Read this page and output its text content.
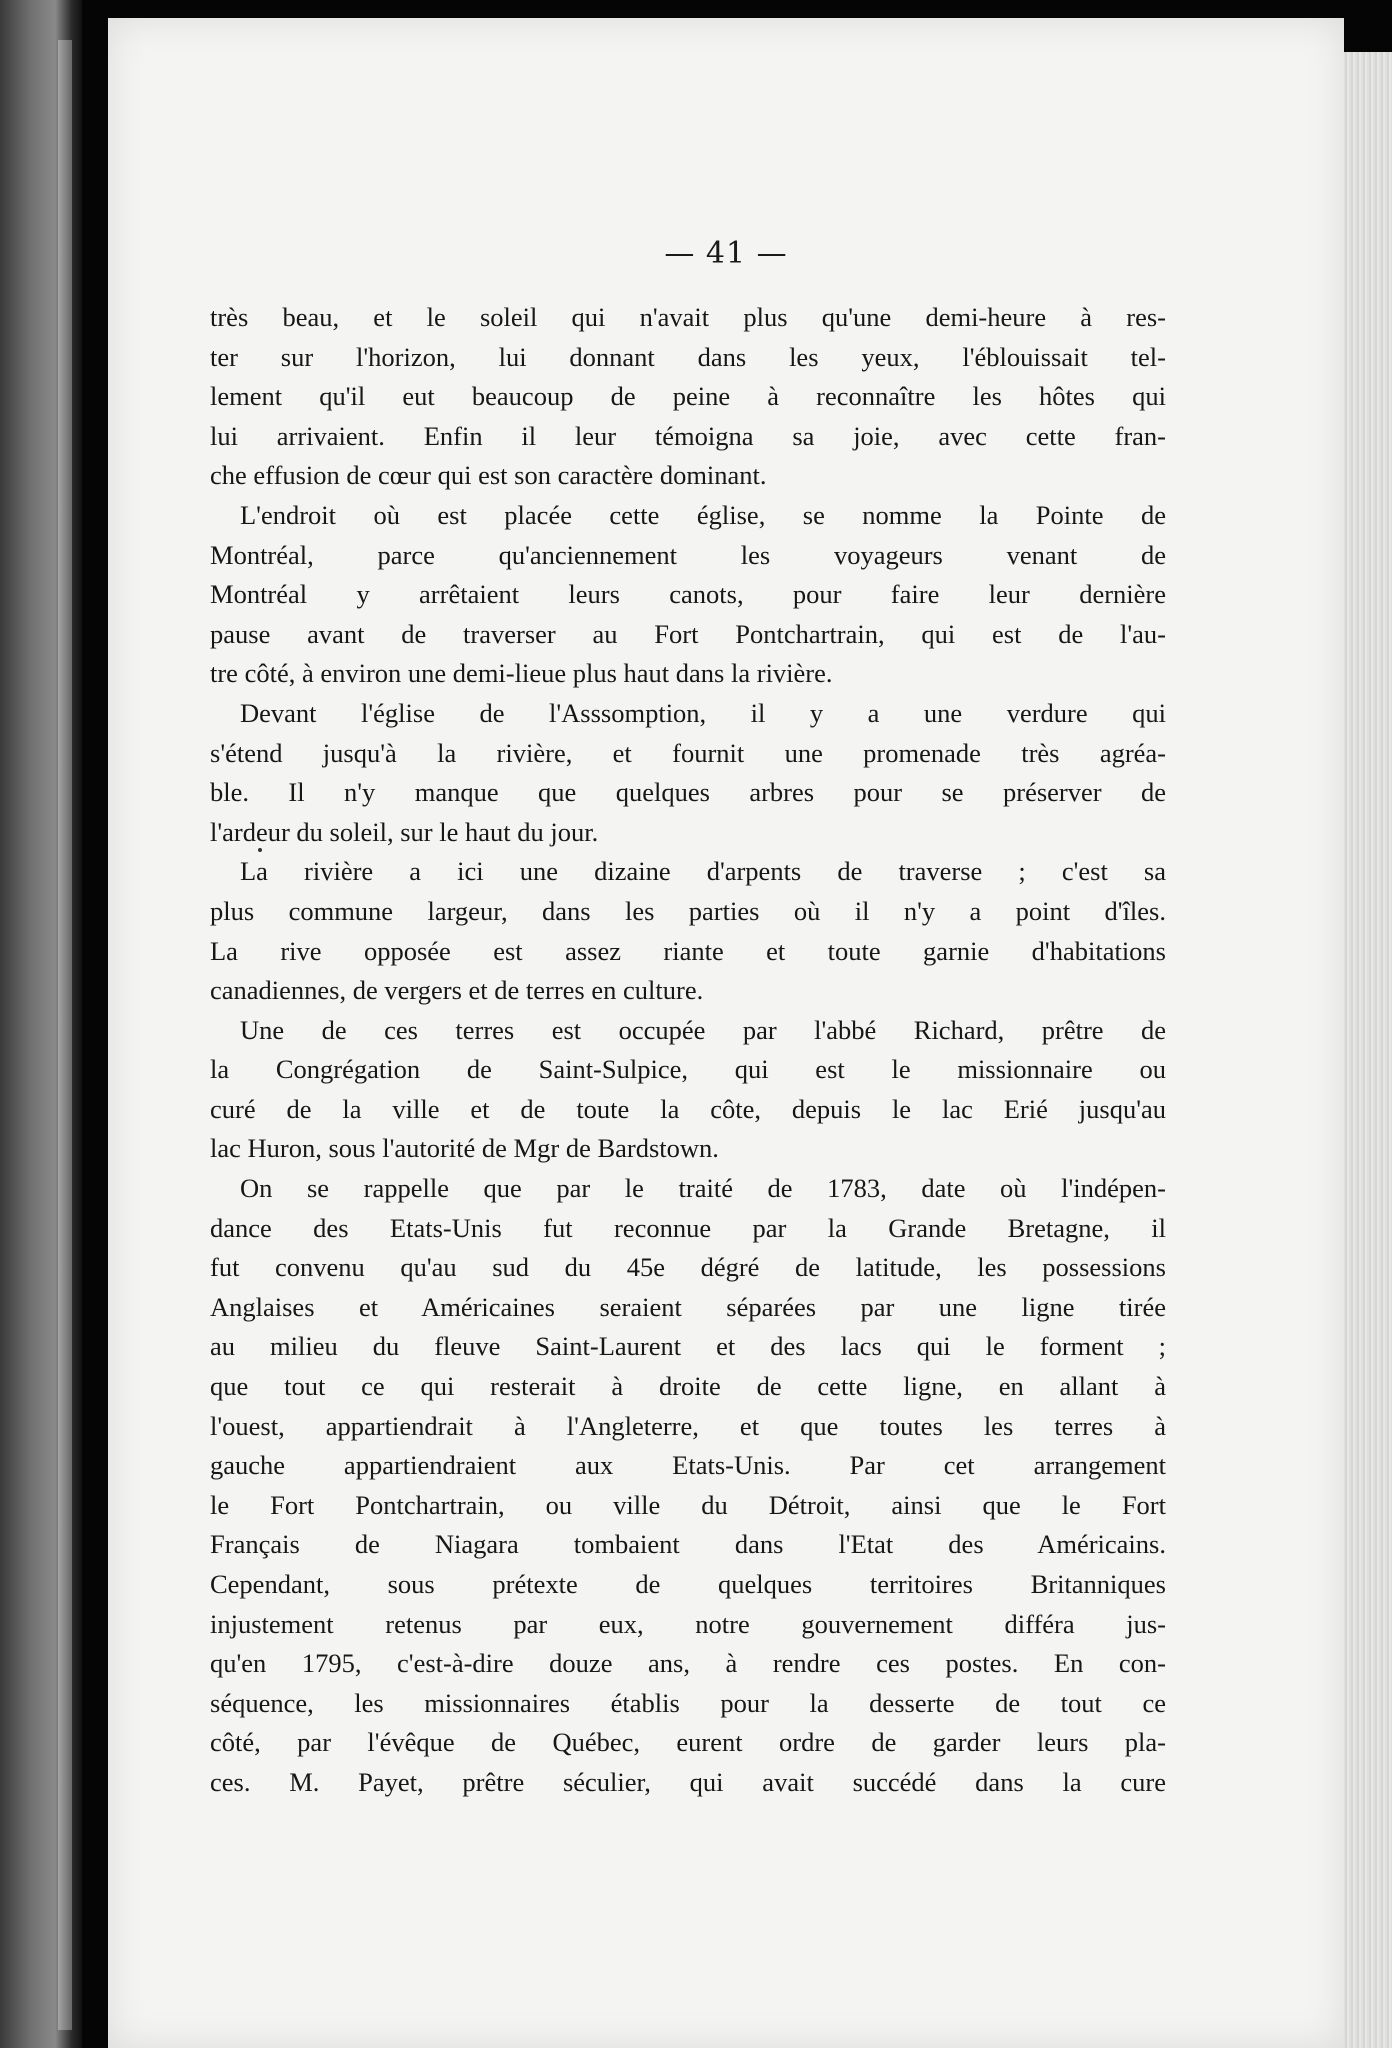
— 41 —
très beau, et le soleil qui n'avait plus qu'une demi-heure à res-
ter sur l'horizon, lui donnant dans les yeux, l'éblouissait tel-
lement qu'il eut beaucoup de peine à reconnaître les hôtes qui
lui arrivaient. Enfin il leur témoigna sa joie, avec cette fran-
che effusion de cœur qui est son caractère dominant.
L'endroit où est placée cette église, se nomme la Pointe de
Montréal, parce qu'anciennement les voyageurs venant de
Montréal y arrêtaient leurs canots, pour faire leur dernière
pause avant de traverser au Fort Pontchartrain, qui est de l'au-
tre côté, à environ une demi-lieue plus haut dans la rivière.
Devant l'église de l'Asssomption, il y a une verdure qui
s'étend jusqu'à la rivière, et fournit une promenade très agréa-
ble. Il n'y manque que quelques arbres pour se préserver de
l'ardeur du soleil, sur le haut du jour.
La rivière a ici une dizaine d'arpents de traverse ; c'est sa
plus commune largeur, dans les parties où il n'y a point d'îles.
La rive opposée est assez riante et toute garnie d'habitations
canadiennes, de vergers et de terres en culture.
Une de ces terres est occupée par l'abbé Richard, prêtre de
la Congrégation de Saint-Sulpice, qui est le missionnaire ou
curé de la ville et de toute la côte, depuis le lac Erié jusqu'au
lac Huron, sous l'autorité de Mgr de Bardstown.
On se rappelle que par le traité de 1783, date où l'indépen-
dance des Etats-Unis fut reconnue par la Grande Bretagne, il
fut convenu qu'au sud du 45e dégré de latitude, les possessions
Anglaises et Américaines seraient séparées par une ligne tirée
au milieu du fleuve Saint-Laurent et des lacs qui le forment ;
que tout ce qui resterait à droite de cette ligne, en allant à
l'ouest, appartiendrait à l'Angleterre, et que toutes les terres à
gauche appartiendraient aux Etats-Unis. Par cet arrangement
le Fort Pontchartrain, ou ville du Détroit, ainsi que le Fort
Français de Niagara tombaient dans l'Etat des Américains.
Cependant, sous prétexte de quelques territoires Britanniques
injustement retenus par eux, notre gouvernement différa jus-
qu'en 1795, c'est-à-dire douze ans, à rendre ces postes. En con-
séquence, les missionnaires établis pour la desserte de tout ce
côté, par l'évêque de Québec, eurent ordre de garder leurs pla-
ces. M. Payet, prêtre séculier, qui avait succédé dans la cure
